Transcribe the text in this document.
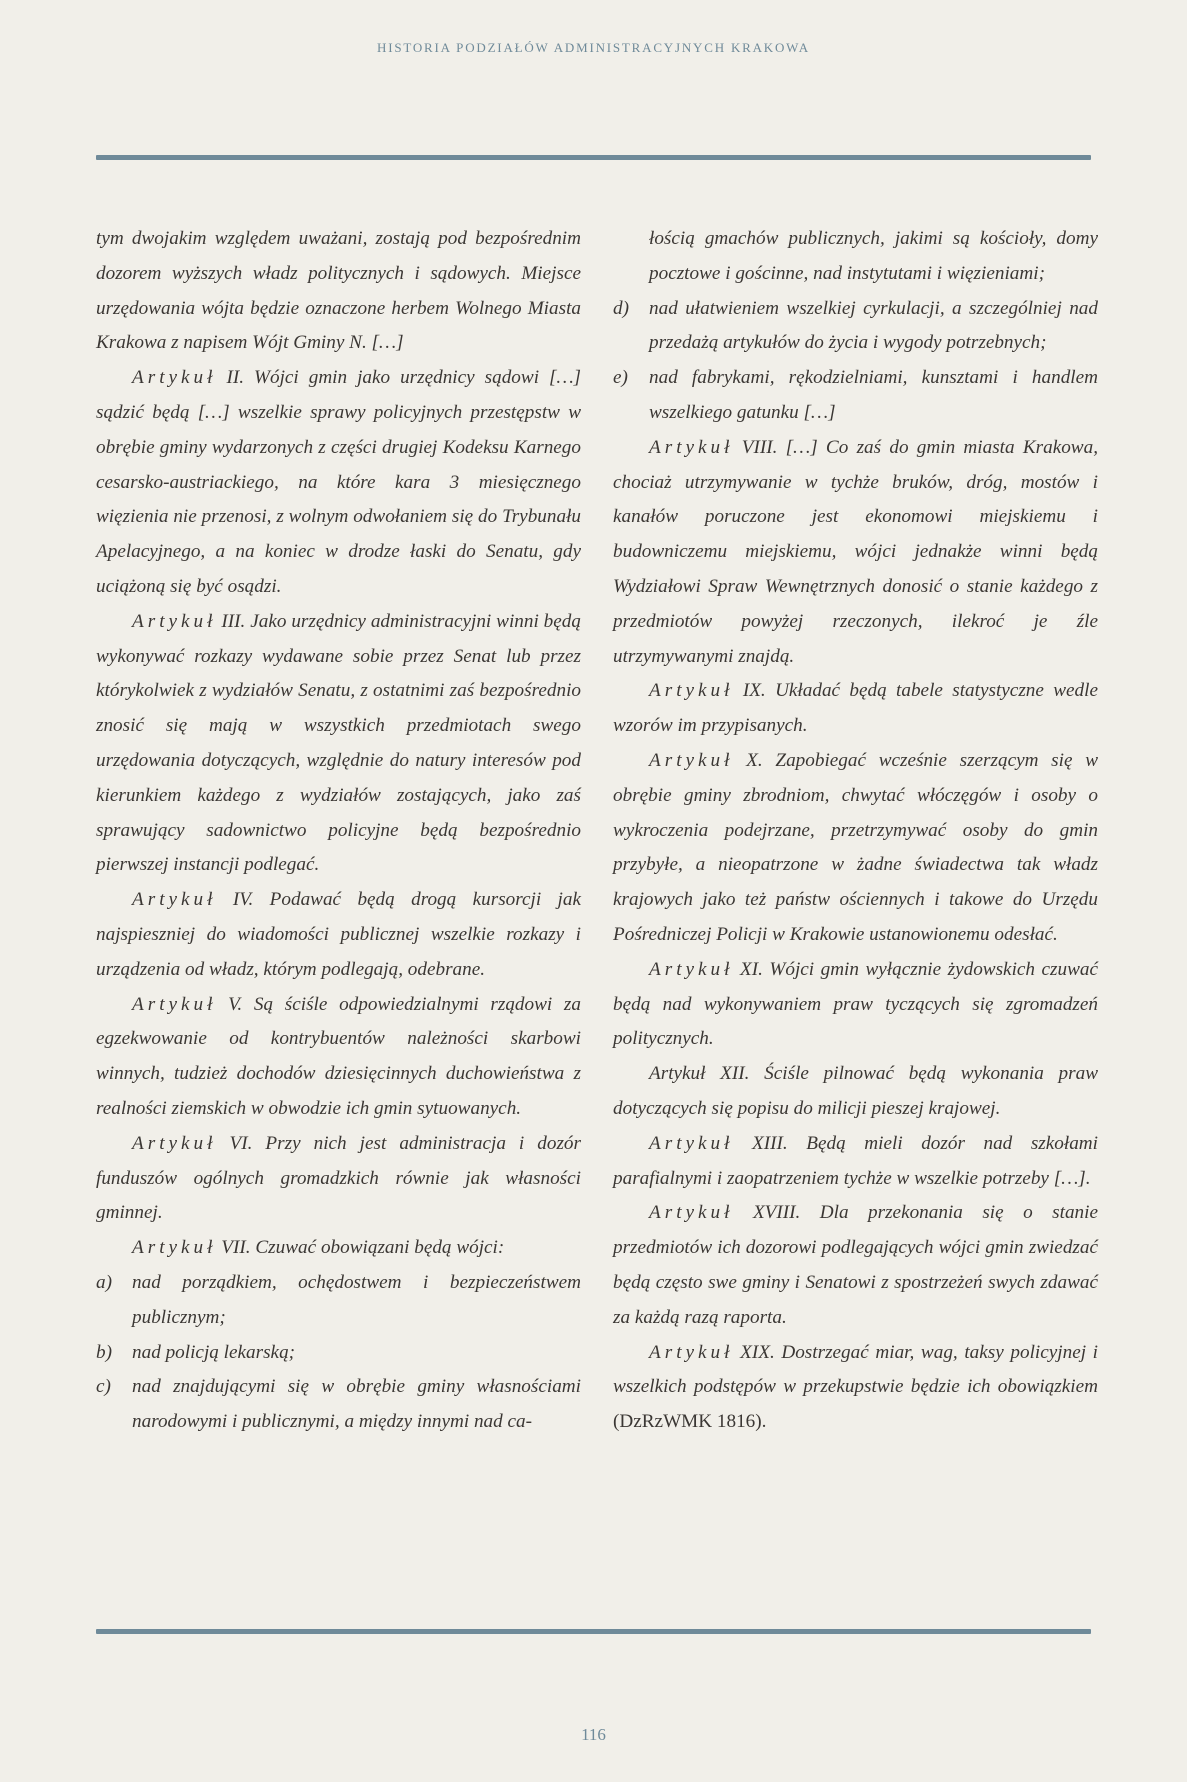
HISTORIA PODZIAŁÓW ADMINISTRACYJNYCH KRAKOWA

tym dwojakim względem uważani, zostają pod bezpośrednim dozorem wyższych władz politycznych i sądowych. Miejsce urzędowania wójta będzie oznaczone herbem Wolnego Miasta Krakowa z napisem Wójt Gminy N. […]

Artykuł II. Wójci gmin jako urzędnicy sądowi […] sądzić będą […] wszelkie sprawy policyjnych przestępstw w obrębie gminy wydarzonych z części drugiej Kodeksu Karnego cesarsko-austriackiego, na które kara 3 miesięcznego więzienia nie przenosi, z wolnym odwołaniem się do Trybunału Apelacyjnego, a na koniec w drodze łaski do Senatu, gdy uciążoną się być osądzi.

Artykuł III. Jako urzędnicy administracyjni winni będą wykonywać rozkazy wydawane sobie przez Senat lub przez którykolwiek z wydziałów Senatu, z ostatnimi zaś bezpośrednio znosić się mają w wszystkich przedmiotach swego urzędowania dotyczących, względnie do natury interesów pod kierunkiem każdego z wydziałów zostających, jako zaś sprawujący sadownictwo policyjne będą bezpośrednio pierwszej instancji podlegać.

Artykuł IV. Podawać będą drogą kursorcji jak najspieszniej do wiadomości publicznej wszelkie rozkazy i urządzenia od władz, którym podlegają, odebrane.

Artykuł V. Są ściśle odpowiedzialnymi rządowi za egzekwowanie od kontrybuentów należności skarbowi winnych, tudzież dochodów dziesięcinnych duchowieństwa z realności ziemskich w obwodzie ich gmin sytuowanych.

Artykuł VI. Przy nich jest administracja i dozór funduszów ogólnych gromadzkich równie jak własności gminnej.

Artykuł VII. Czuwać obowiązani będą wójci:

a) nad porządkiem, ochędostwem i bezpieczeństwem publicznym;

b) nad policją lekarską;

c) nad znajdującymi się w obrębie gminy własnościami narodowymi i publicznymi, a między innymi nad ca-

łością gmachów publicznych, jakimi są kościoły, domy pocztowe i gościnne, nad instytutami i więzieniami;

d) nad ułatwieniem wszelkiej cyrkulacji, a szczególniej nad przedażą artykułów do życia i wygody potrzebnych;

e) nad fabrykami, rękodzielniami, kunsztami i handlem wszelkiego gatunku […]

Artykuł VIII. […] Co zaś do gmin miasta Krakowa, chociaż utrzymywanie w tychże bruków, dróg, mostów i kanałów poruczone jest ekonomowi miejskiemu i budowniczemu miejskiemu, wójci jednakże winni będą Wydziałowi Spraw Wewnętrznych donosić o stanie każdego z przedmiotów powyżej rzeczonych, ilekroć je źle utrzymywanymi znajdą.

Artykuł IX. Układać będą tabele statystyczne wedle wzorów im przypisanych.

Artykuł X. Zapobiegać wcześnie szerzącym się w obrębie gminy zbrodniom, chwytać włóczęgów i osoby o wykroczenia podejrzane, przetrzymywać osoby do gmin przybyłe, a nieopatrzone w żadne świadectwa tak władz krajowych jako też państw ościennych i takowe do Urzędu Pośredniczej Policji w Krakowie ustanowionemu odesłać.

Artykuł XI. Wójci gmin wyłącznie żydowskich czuwać będą nad wykonywaniem praw tyczących się zgromadzeń politycznych.

Artykuł XII. Ściśle pilnować będą wykonania praw dotyczących się popisu do milicji pieszej krajowej.

Artykuł XIII. Będą mieli dozór nad szkołami parafialnymi i zaopatrzeniem tychże w wszelkie potrzeby […].

Artykuł XVIII. Dla przekonania się o stanie przedmiotów ich dozorowi podlegających wójci gmin zwiedzać będą często swe gminy i Senatowi z spostrzeżeń swych zdawać za każdą razą raporta.

Artykuł XIX. Dostrzegać miar, wag, taksy policyjnej i wszelkich podstępów w przekupstwie będzie ich obowiązkiem (DzRzWMK 1816).

116
